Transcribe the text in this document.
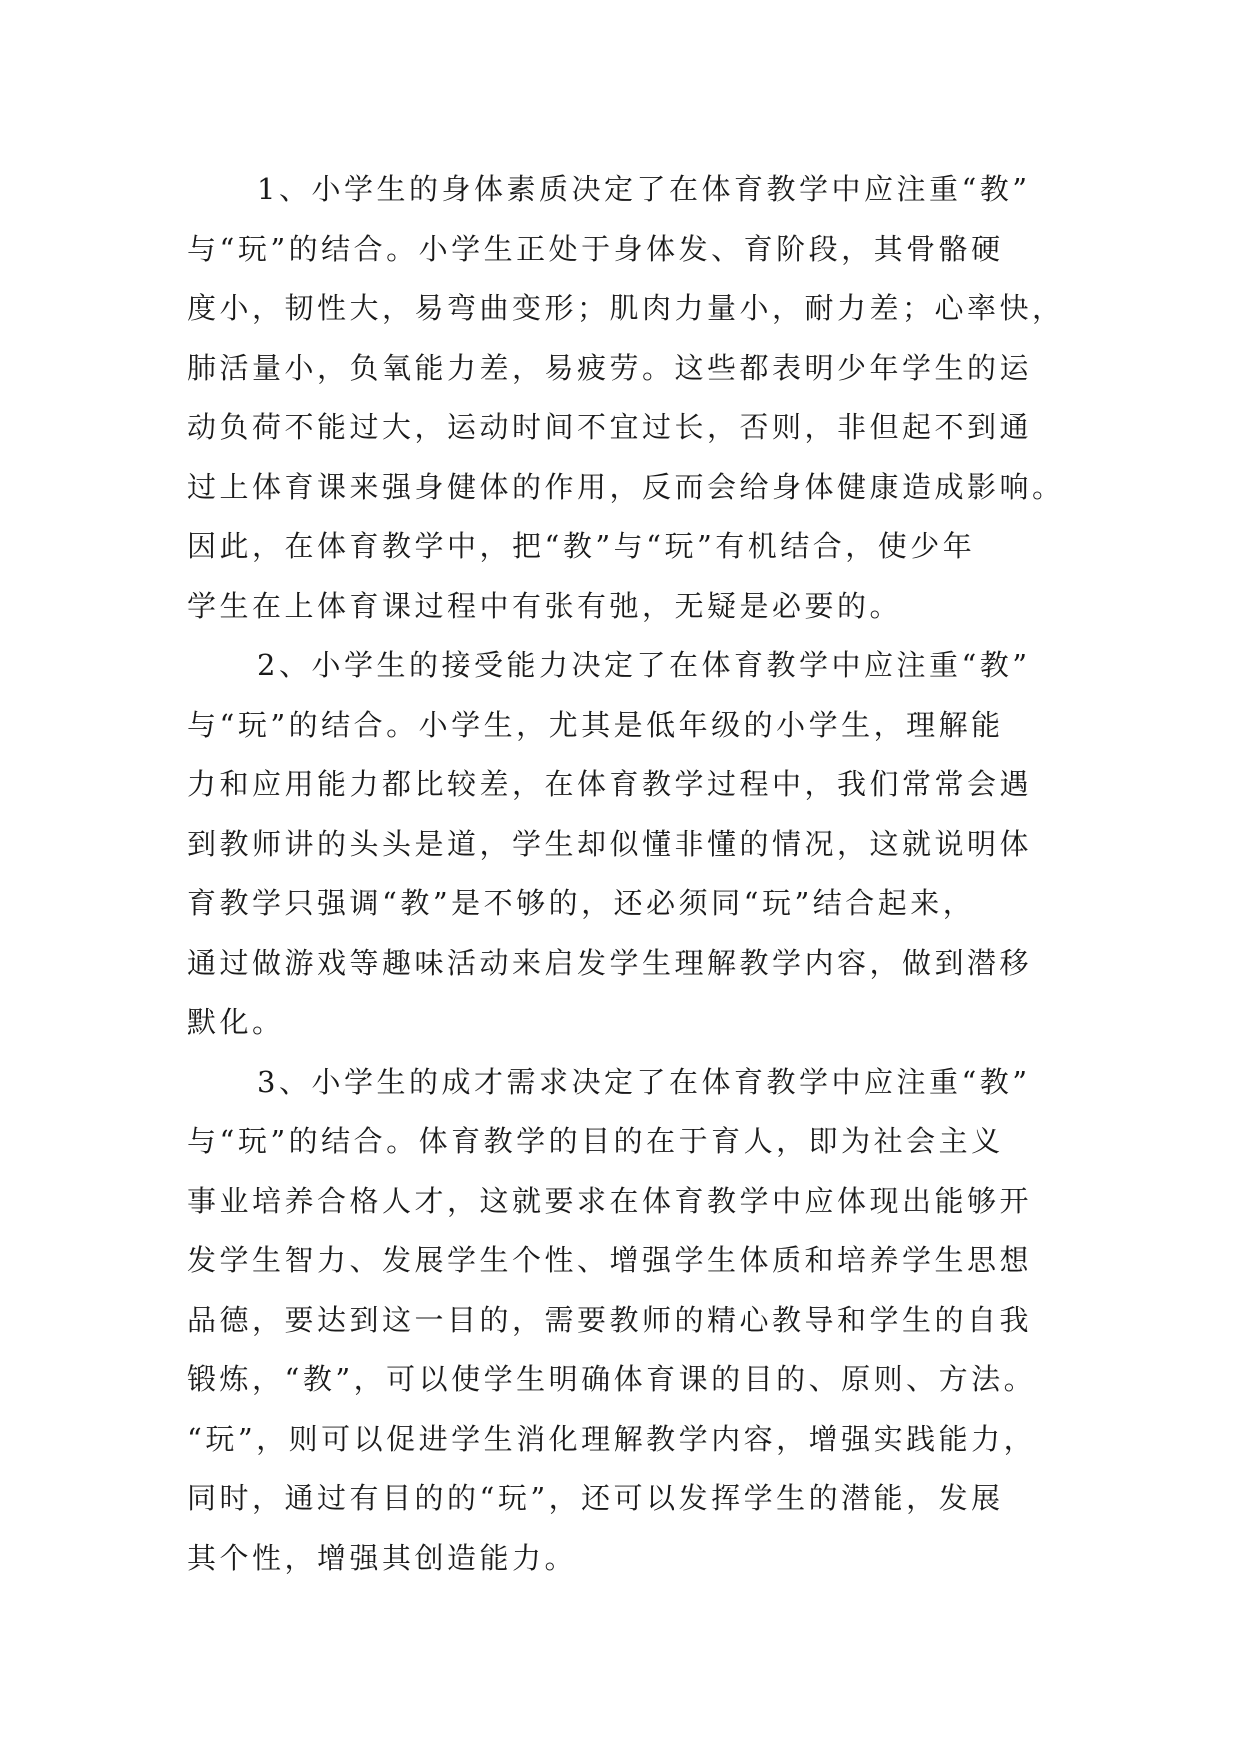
1、小学生的身体素质决定了在体育教学中应注重“教”
与“玩”的结合。小学生正处于身体发、育阶段，其骨骼硬
度小，韧性大，易弯曲变形；肌肉力量小，耐力差；心率快，
肺活量小，负氧能力差，易疲劳。这些都表明少年学生的运
动负荷不能过大，运动时间不宜过长，否则，非但起不到通
过上体育课来强身健体的作用，反而会给身体健康造成影响。
因此，在体育教学中，把“教”与“玩”有机结合，使少年
学生在上体育课过程中有张有弛，无疑是必要的。
2、小学生的接受能力决定了在体育教学中应注重“教”
与“玩”的结合。小学生，尤其是低年级的小学生，理解能
力和应用能力都比较差，在体育教学过程中，我们常常会遇
到教师讲的头头是道，学生却似懂非懂的情况，这就说明体
育教学只强调“教”是不够的，还必须同“玩”结合起来，
通过做游戏等趣味活动来启发学生理解教学内容，做到潜移
默化。
3、小学生的成才需求决定了在体育教学中应注重“教”
与“玩”的结合。体育教学的目的在于育人，即为社会主义
事业培养合格人才，这就要求在体育教学中应体现出能够开
发学生智力、发展学生个性、增强学生体质和培养学生思想
品德，要达到这一目的，需要教师的精心教导和学生的自我
锻炼，“教”，可以使学生明确体育课的目的、原则、方法。
“玩”，则可以促进学生消化理解教学内容，增强实践能力，
同时，通过有目的的“玩”，还可以发挥学生的潜能，发展
其个性，增强其创造能力。
